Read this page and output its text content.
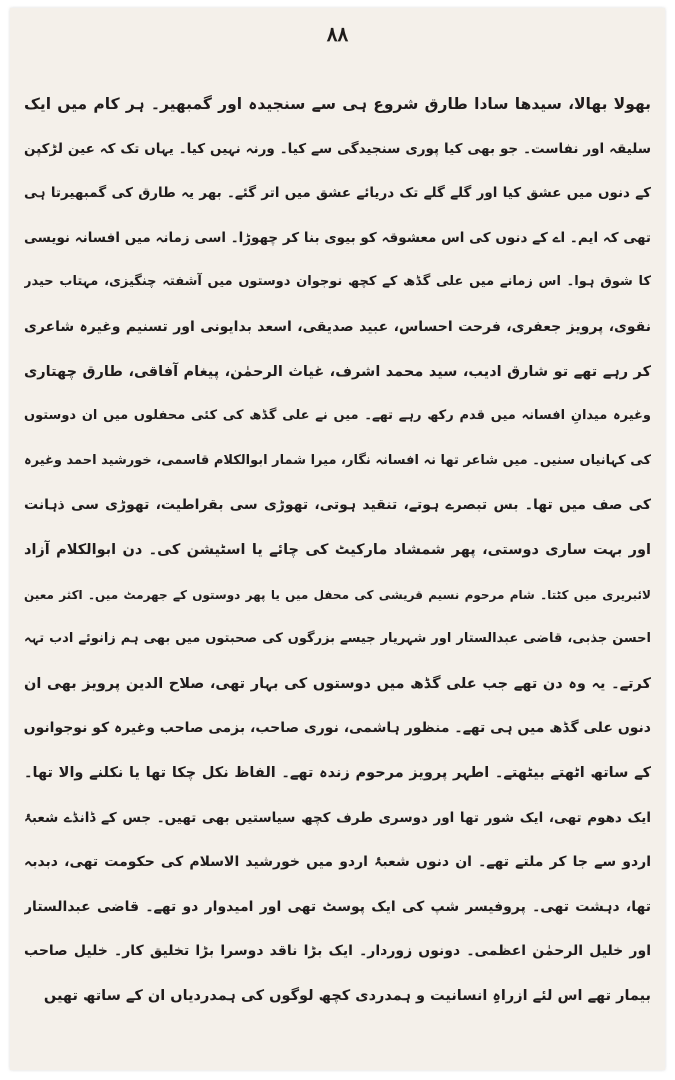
٨٨
بھولا بھالا، سیدھا سادا طارق شروع ہی سے سنجیدہ اور گمبھیر۔ ہر کام میں ایک
سلیقہ اور نفاست۔ جو بھی کیا پوری سنجیدگی سے کیا۔ ورنہ نہیں کیا۔ یہاں تک کہ عین لڑکپن
کے دنوں میں عشق کیا اور گلے گلے تک دریائے عشق میں اتر گئے۔ بھر یہ طارق کی گمبھیرتا ہی
تھی کہ ایم۔ اے کے دنوں کی اس معشوقہ کو بیوی بنا کر چھوڑا۔ اسی زمانہ میں افسانہ نویسی
کا شوق ہوا۔ اس زمانے میں علی گڈھ کے کچھ نوجوان دوستوں میں آشفتہ چنگیزی، مہتاب حیدر
نقوی، پرویز جعفری، فرحت احساس، عبید صدیقی، اسعد بدایونی اور تسنیم وغیرہ شاعری
کر رہے تھے تو شارق ادیب، سید محمد اشرف، غیاث الرحمٰن، پیغام آفاقی، طارق چھتاری
وغیرہ میدانِ افسانہ میں قدم رکھ رہے تھے۔ میں نے علی گڈھ کی کئی محفلوں میں ان دوستوں
کی کہانیاں سنیں۔ میں شاعر تھا نہ افسانہ نگار، میرا شمار ابوالکلام قاسمی، خورشید احمد وغیرہ
کی صف میں تھا۔ بس تبصرے ہوتے، تنقید ہوتی، تھوڑی سی بقراطیت، تھوڑی سی ذہانت
اور بہت ساری دوستی، پھر شمشاد مارکیٹ کی چائے یا اسٹیشن کی۔ دن ابوالکلام آزاد
لائبریری میں کٹتا۔ شام مرحوم نسیم قریشی کی محفل میں یا پھر دوستوں کے جھرمٹ میں۔ اکثر معین
احسن جذبی، قاضی عبدالستار اور شہریار جیسے بزرگوں کی صحبتوں میں بھی ہم زانوئے ادب تہہ
کرتے۔ یہ وہ دن تھے جب علی گڈھ میں دوستوں کی بہار تھی، صلاح الدین پرویز بھی ان
دنوں علی گڈھ میں ہی تھے۔ منظور ہاشمی، نوری صاحب، بزمی صاحب وغیرہ کو نوجوانوں
کے ساتھ اٹھتے بیٹھتے۔ اطہر پرویز مرحوم زندہ تھے۔ الفاظ نکل چکا تھا یا نکلنے والا تھا۔
ایک دھوم تھی، ایک شور تھا اور دوسری طرف کچھ سیاستیں بھی تھیں۔ جس کے ڈانڈے شعبۂ
اردو سے جا کر ملتے تھے۔ ان دنوں شعبۂ اردو میں خورشید الاسلام کی حکومت تھی، دبدبہ
تھا، دہشت تھی۔ پروفیسر شپ کی ایک پوسٹ تھی اور امیدوار دو تھے۔ قاضی عبدالستار
اور خلیل الرحمٰن اعظمی۔ دونوں زوردار۔ ایک بڑا ناقد دوسرا بڑا تخلیق کار۔ خلیل صاحب
بیمار تھے اس لئے ازراہِ انسانیت و ہمدردی کچھ لوگوں کی ہمدردیاں ان کے ساتھ تھیں
